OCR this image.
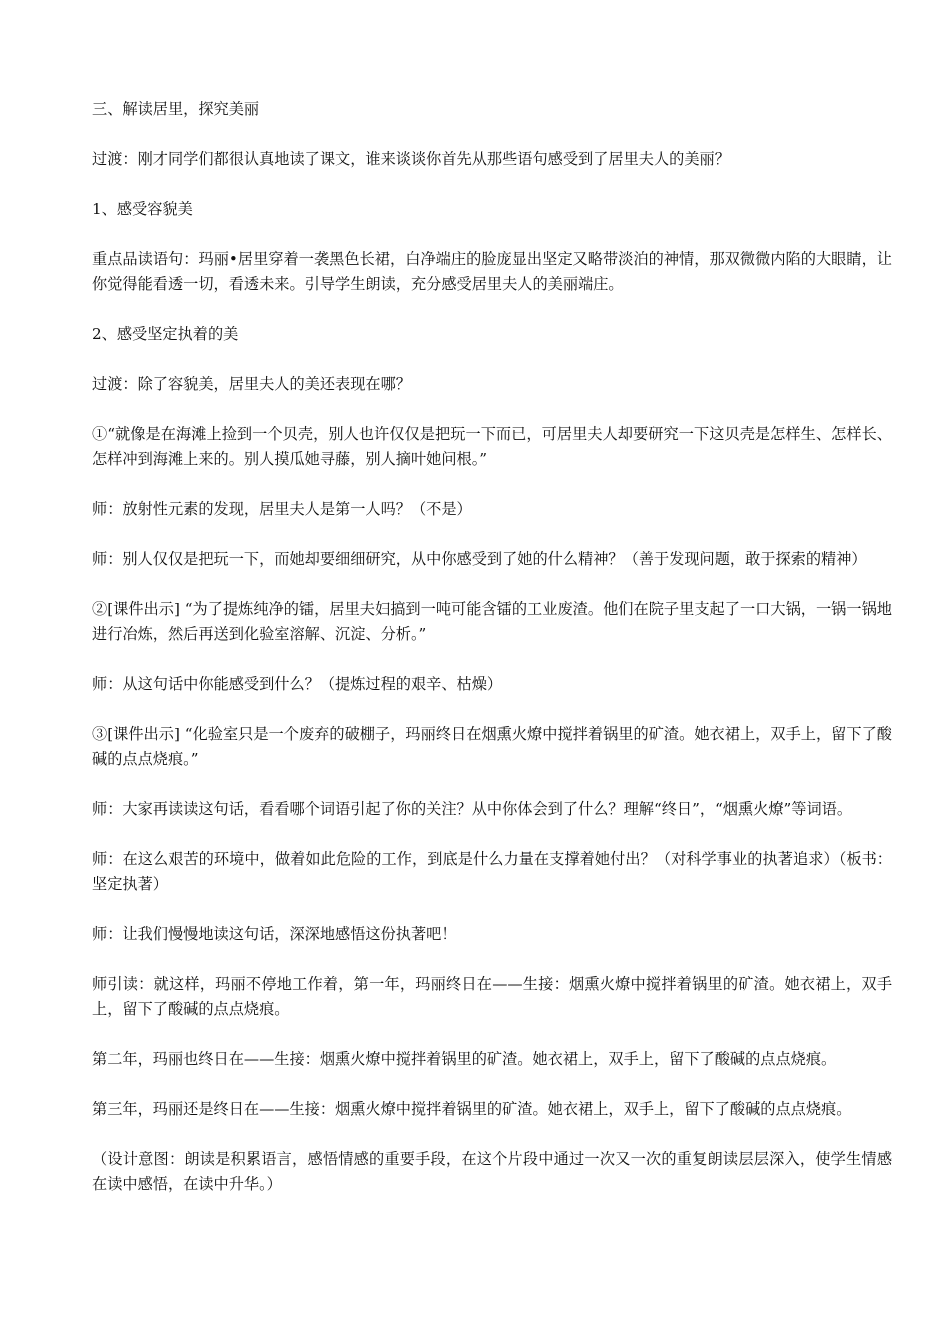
三、解读居里，探究美丽

过渡：刚才同学们都很认真地读了课文，谁来谈谈你首先从那些语句感受到了居里夫人的美丽？

1、感受容貌美

重点品读语句：玛丽•居里穿着一袭黑色长裙，白净端庄的脸庞显出坚定又略带淡泊的神情，那双微微内陷的大眼睛，让你觉得能看透一切，看透未来。引导学生朗读，充分感受居里夫人的美丽端庄。

2、感受坚定执着的美

过渡：除了容貌美，居里夫人的美还表现在哪？

①“就像是在海滩上捡到一个贝壳，别人也许仅仅是把玩一下而已，可居里夫人却要研究一下这贝壳是怎样生、怎样长、怎样冲到海滩上来的。别人摸瓜她寻藤，别人摘叶她问根。”

师：放射性元素的发现，居里夫人是第一人吗？（不是）

师：别人仅仅是把玩一下，而她却要细细研究，从中你感受到了她的什么精神？（善于发现问题，敢于探索的精神）

②[课件出示] “为了提炼纯净的镭，居里夫妇搞到一吨可能含镭的工业废渣。他们在院子里支起了一口大锅，一锅一锅地进行冶炼，然后再送到化验室溶解、沉淀、分析。”

师：从这句话中你能感受到什么？（提炼过程的艰辛、枯燥）

③[课件出示] “化验室只是一个废弃的破棚子，玛丽终日在烟熏火燎中搅拌着锅里的矿渣。她衣裙上，双手上，留下了酸碱的点点烧痕。”

师：大家再读读这句话，看看哪个词语引起了你的关注？从中你体会到了什么？理解“终日”，“烟熏火燎”等词语。

师：在这么艰苦的环境中，做着如此危险的工作，到底是什么力量在支撑着她付出？（对科学事业的执著追求）（板书：坚定执著）

师：让我们慢慢地读这句话，深深地感悟这份执著吧！

师引读：就这样，玛丽不停地工作着，第一年，玛丽终日在——生接：烟熏火燎中搅拌着锅里的矿渣。她衣裙上，双手上，留下了酸碱的点点烧痕。

第二年，玛丽也终日在——生接：烟熏火燎中搅拌着锅里的矿渣。她衣裙上，双手上，留下了酸碱的点点烧痕。

第三年，玛丽还是终日在——生接：烟熏火燎中搅拌着锅里的矿渣。她衣裙上，双手上，留下了酸碱的点点烧痕。

（设计意图：朗读是积累语言，感悟情感的重要手段，在这个片段中通过一次又一次的重复朗读层层深入，使学生情感在读中感悟，在读中升华。）
